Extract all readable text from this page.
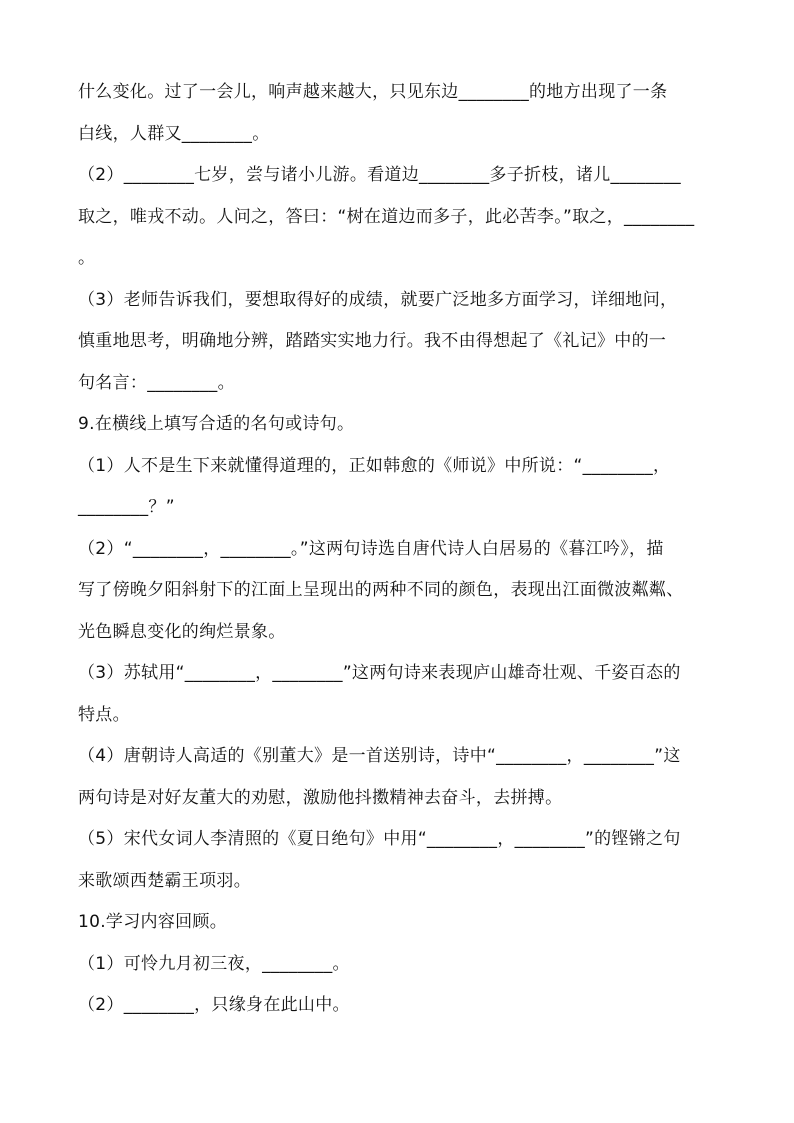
什么变化。过了一会儿，响声越来越大，只见东边________的地方出现了一条

白线，人群又________。

（2）________七岁，尝与诸小儿游。看道边________多子折枝，诸儿________

取之，唯戎不动。人问之，答曰：“树在道边而多子，此必苦李。”取之，________

。

（3）老师告诉我们，要想取得好的成绩，就要广泛地多方面学习，详细地问，

慎重地思考，明确地分辨，踏踏实实地力行。我不由得想起了《礼记》中的一

句名言：________。

9.在横线上填写合适的名句或诗句。

（1）人不是生下来就懂得道理的，正如韩愈的《师说》中所说：“________，

________？”

（2）“________，________。”这两句诗选自唐代诗人白居易的《暮江吟》，描

写了傍晚夕阳斜射下的江面上呈现出的两种不同的颜色，表现出江面微波粼粼、

光色瞬息变化的绚烂景象。

（3）苏轼用“________，________”这两句诗来表现庐山雄奇壮观、千姿百态的

特点。

（4）唐朝诗人高适的《别董大》是一首送别诗，诗中“________，________”这

两句诗是对好友董大的劝慰，激励他抖擞精神去奋斗，去拼搏。

（5）宋代女词人李清照的《夏日绝句》中用“________，________”的铿锵之句

来歌颂西楚霸王项羽。

10.学习内容回顾。

（1）可怜九月初三夜，________。

（2）________，只缘身在此山中。
